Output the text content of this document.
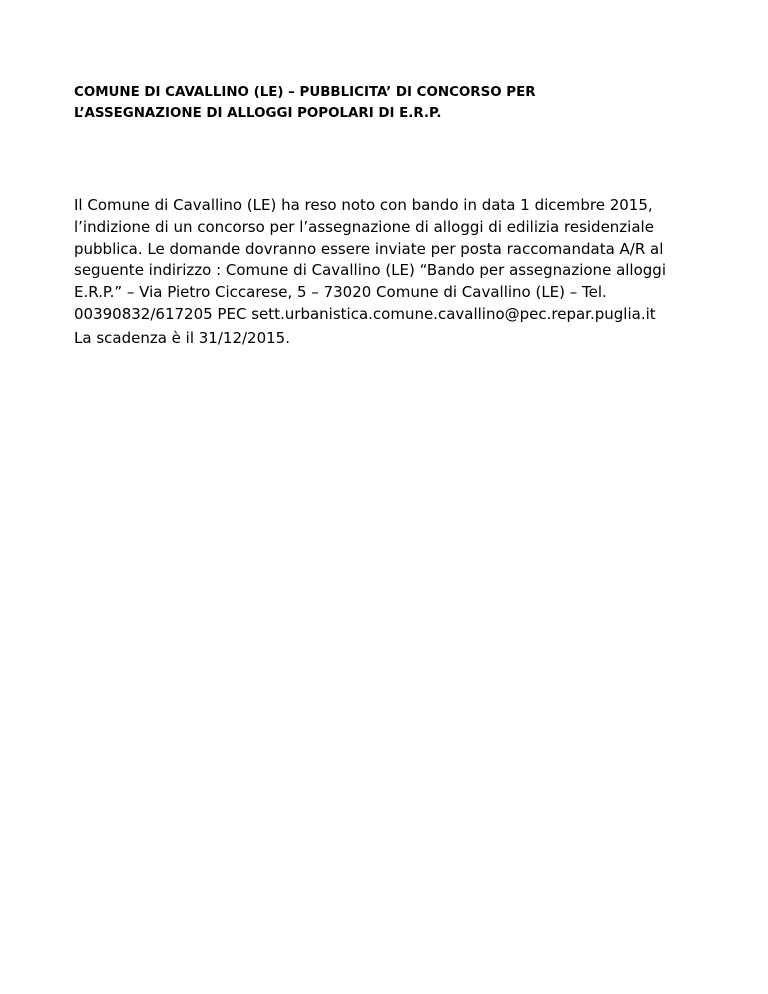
COMUNE DI CAVALLINO (LE) – PUBBLICITA’ DI CONCORSO PER
L’ASSEGNAZIONE DI ALLOGGI POPOLARI DI E.R.P.

Il Comune di Cavallino (LE) ha reso noto con bando in data 1 dicembre 2015,
l’indizione di un concorso per l’assegnazione di alloggi di edilizia residenziale
pubblica. Le domande dovranno essere inviate per posta raccomandata A/R al
seguente indirizzo : Comune di Cavallino (LE) “Bando per assegnazione alloggi
E.R.P.” – Via Pietro Ciccarese, 5 – 73020 Comune di Cavallino (LE) – Tel.
00390832/617205 PEC sett.urbanistica.comune.cavallino@pec.repar.puglia.it

La scadenza è il 31/12/2015.
